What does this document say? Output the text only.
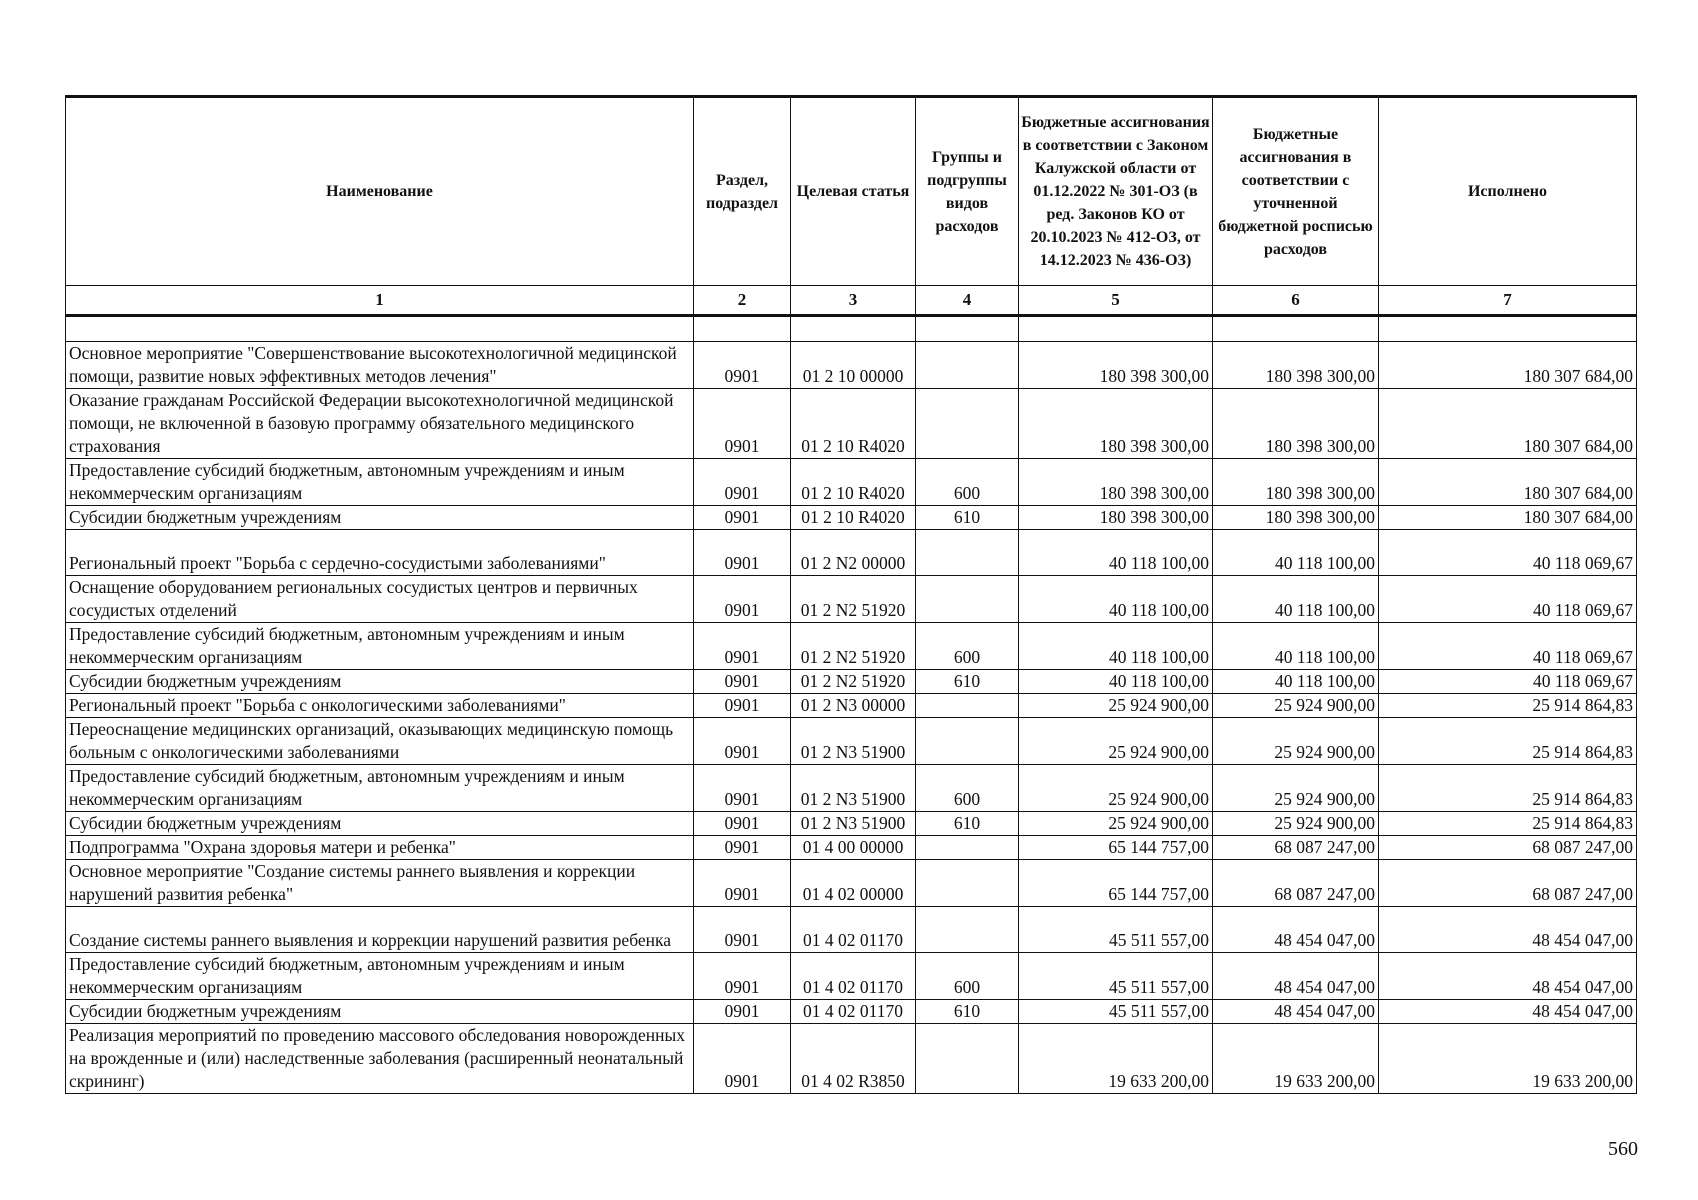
Наименование	Раздел, подраздел	Целевая статья	Группы и подгруппы видов расходов	Бюджетные ассигнования в соответствии с Законом Калужской области от 01.12.2022 № 301-ОЗ (в ред. Законов КО от 20.10.2023 № 412-ОЗ, от 14.12.2023 № 436-ОЗ)	Бюджетные ассигнования в соответствии с уточненной бюджетной росписью расходов	Исполнено
1	2	3	4	5	6	7

Основное мероприятие "Совершенствование высокотехнологичной медицинской помощи, развитие новых эффективных методов лечения"	0901	01 2 10 00000		180 398 300,00	180 398 300,00	180 307 684,00
Оказание гражданам Российской Федерации высокотехнологичной медицинской помощи, не включенной в базовую программу обязательного медицинского страхования	0901	01 2 10 R4020		180 398 300,00	180 398 300,00	180 307 684,00
Предоставление субсидий бюджетным, автономным учреждениям и иным некоммерческим организациям	0901	01 2 10 R4020	600	180 398 300,00	180 398 300,00	180 307 684,00
Субсидии бюджетным учреждениям	0901	01 2 10 R4020	610	180 398 300,00	180 398 300,00	180 307 684,00
Региональный проект "Борьба с сердечно-сосудистыми заболеваниями"	0901	01 2 N2 00000		40 118 100,00	40 118 100,00	40 118 069,67
Оснащение оборудованием региональных сосудистых центров и первичных сосудистых отделений	0901	01 2 N2 51920		40 118 100,00	40 118 100,00	40 118 069,67
Предоставление субсидий бюджетным, автономным учреждениям и иным некоммерческим организациям	0901	01 2 N2 51920	600	40 118 100,00	40 118 100,00	40 118 069,67
Субсидии бюджетным учреждениям	0901	01 2 N2 51920	610	40 118 100,00	40 118 100,00	40 118 069,67
Региональный проект "Борьба с онкологическими заболеваниями"	0901	01 2 N3 00000		25 924 900,00	25 924 900,00	25 914 864,83
Переоснащение медицинских организаций, оказывающих медицинскую помощь больным с онкологическими заболеваниями	0901	01 2 N3 51900		25 924 900,00	25 924 900,00	25 914 864,83
Предоставление субсидий бюджетным, автономным учреждениям и иным некоммерческим организациям	0901	01 2 N3 51900	600	25 924 900,00	25 924 900,00	25 914 864,83
Субсидии бюджетным учреждениям	0901	01 2 N3 51900	610	25 924 900,00	25 924 900,00	25 914 864,83
Подпрограмма "Охрана здоровья матери и ребенка"	0901	01 4 00 00000		65 144 757,00	68 087 247,00	68 087 247,00
Основное мероприятие "Создание системы раннего выявления и коррекции нарушений развития ребенка"	0901	01 4 02 00000		65 144 757,00	68 087 247,00	68 087 247,00
Создание системы раннего выявления и коррекции нарушений развития ребенка	0901	01 4 02 01170		45 511 557,00	48 454 047,00	48 454 047,00
Предоставление субсидий бюджетным, автономным учреждениям и иным некоммерческим организациям	0901	01 4 02 01170	600	45 511 557,00	48 454 047,00	48 454 047,00
Субсидии бюджетным учреждениям	0901	01 4 02 01170	610	45 511 557,00	48 454 047,00	48 454 047,00
Реализация мероприятий по проведению массового обследования новорожденных на врожденные и (или) наследственные заболевания (расширенный неонатальный скрининг)	0901	01 4 02 R3850		19 633 200,00	19 633 200,00	19 633 200,00
560
